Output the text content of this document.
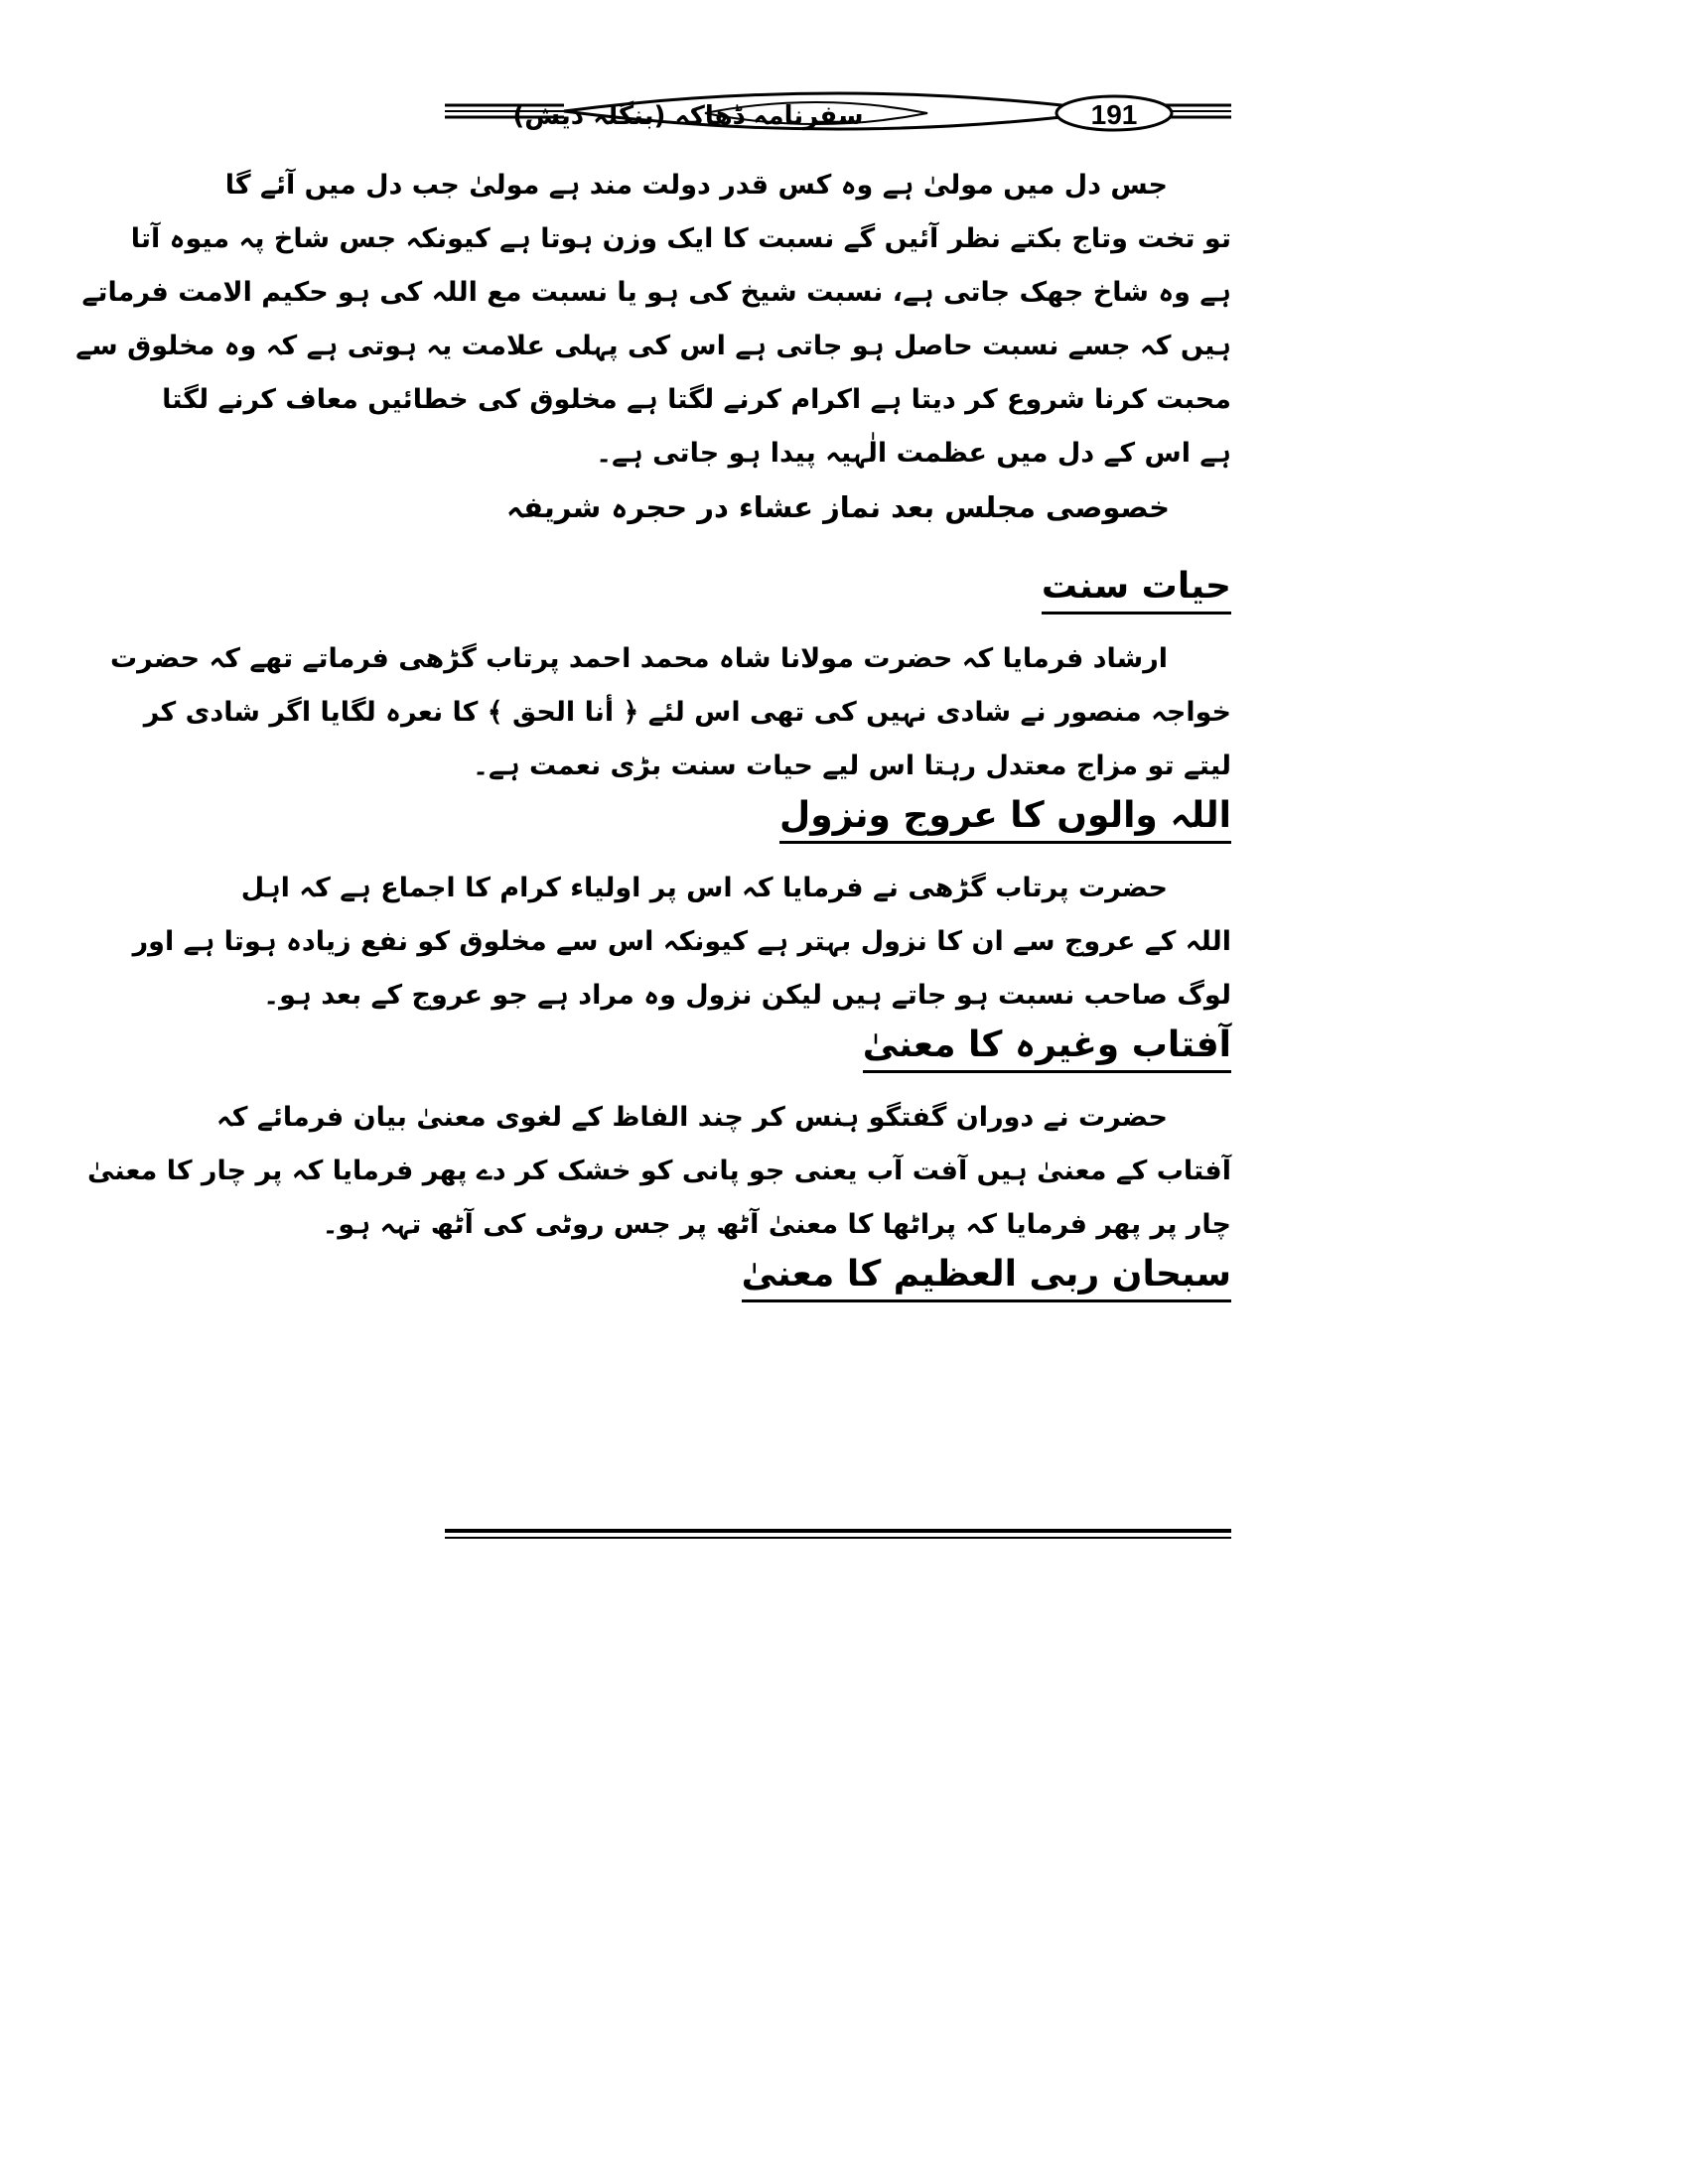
سفرنامہ ڈھاکہ (بنگلہ دیش)	191
جس دل میں مولیٰ ہے وہ کس قدر دولت مند ہے مولیٰ جب دل میں آئے گا
تو تخت وتاج بکتے نظر آئیں گے نسبت کا ایک وزن ہوتا ہے کیونکہ جس شاخ پہ میوہ آتا
ہے وہ شاخ جھک جاتی ہے، نسبت شیخ کی ہو یا نسبت مع اللہ کی ہو حکیم الامت فرماتے
ہیں کہ جسے نسبت حاصل ہو جاتی ہے اس کی پہلی علامت یہ ہوتی ہے کہ وہ مخلوق سے
محبت کرنا شروع کر دیتا ہے اکرام کرنے لگتا ہے مخلوق کی خطائیں معاف کرنے لگتا
ہے اس کے دل میں عظمت الٰہیہ پیدا ہو جاتی ہے۔
خصوصی مجلس بعد نماز عشاء در حجرہ شریفہ
حیات سنت
ارشاد فرمایا کہ حضرت مولانا شاہ محمد احمد پرتاب گڑھی فرماتے تھے کہ حضرت
خواجہ منصور نے شادی نہیں کی تھی اس لئے ﴿ أنا الحق ﴾ کا نعرہ لگایا اگر شادی کر
لیتے تو مزاج معتدل رہتا اس لیے حیات سنت بڑی نعمت ہے۔
اللہ والوں کا عروج ونزول
حضرت پرتاب گڑھی نے فرمایا کہ اس پر اولیاء کرام کا اجماع ہے کہ اہل
اللہ کے عروج سے ان کا نزول بہتر ہے کیونکہ اس سے مخلوق کو نفع زیادہ ہوتا ہے اور
لوگ صاحب نسبت ہو جاتے ہیں لیکن نزول وہ مراد ہے جو عروج کے بعد ہو۔
آفتاب وغیرہ کا معنیٰ
حضرت نے دوران گفتگو ہنس کر چند الفاظ کے لغوی معنیٰ بیان فرمائے کہ
آفتاب کے معنیٰ ہیں آفت آب یعنی جو پانی کو خشک کر دے پھر فرمایا کہ پر چار کا معنیٰ
چار پر پھر فرمایا کہ پراٹھا کا معنیٰ آٹھ پر جس روٹی کی آٹھ تہہ ہو۔
سبحان ربی العظیم کا معنیٰ
